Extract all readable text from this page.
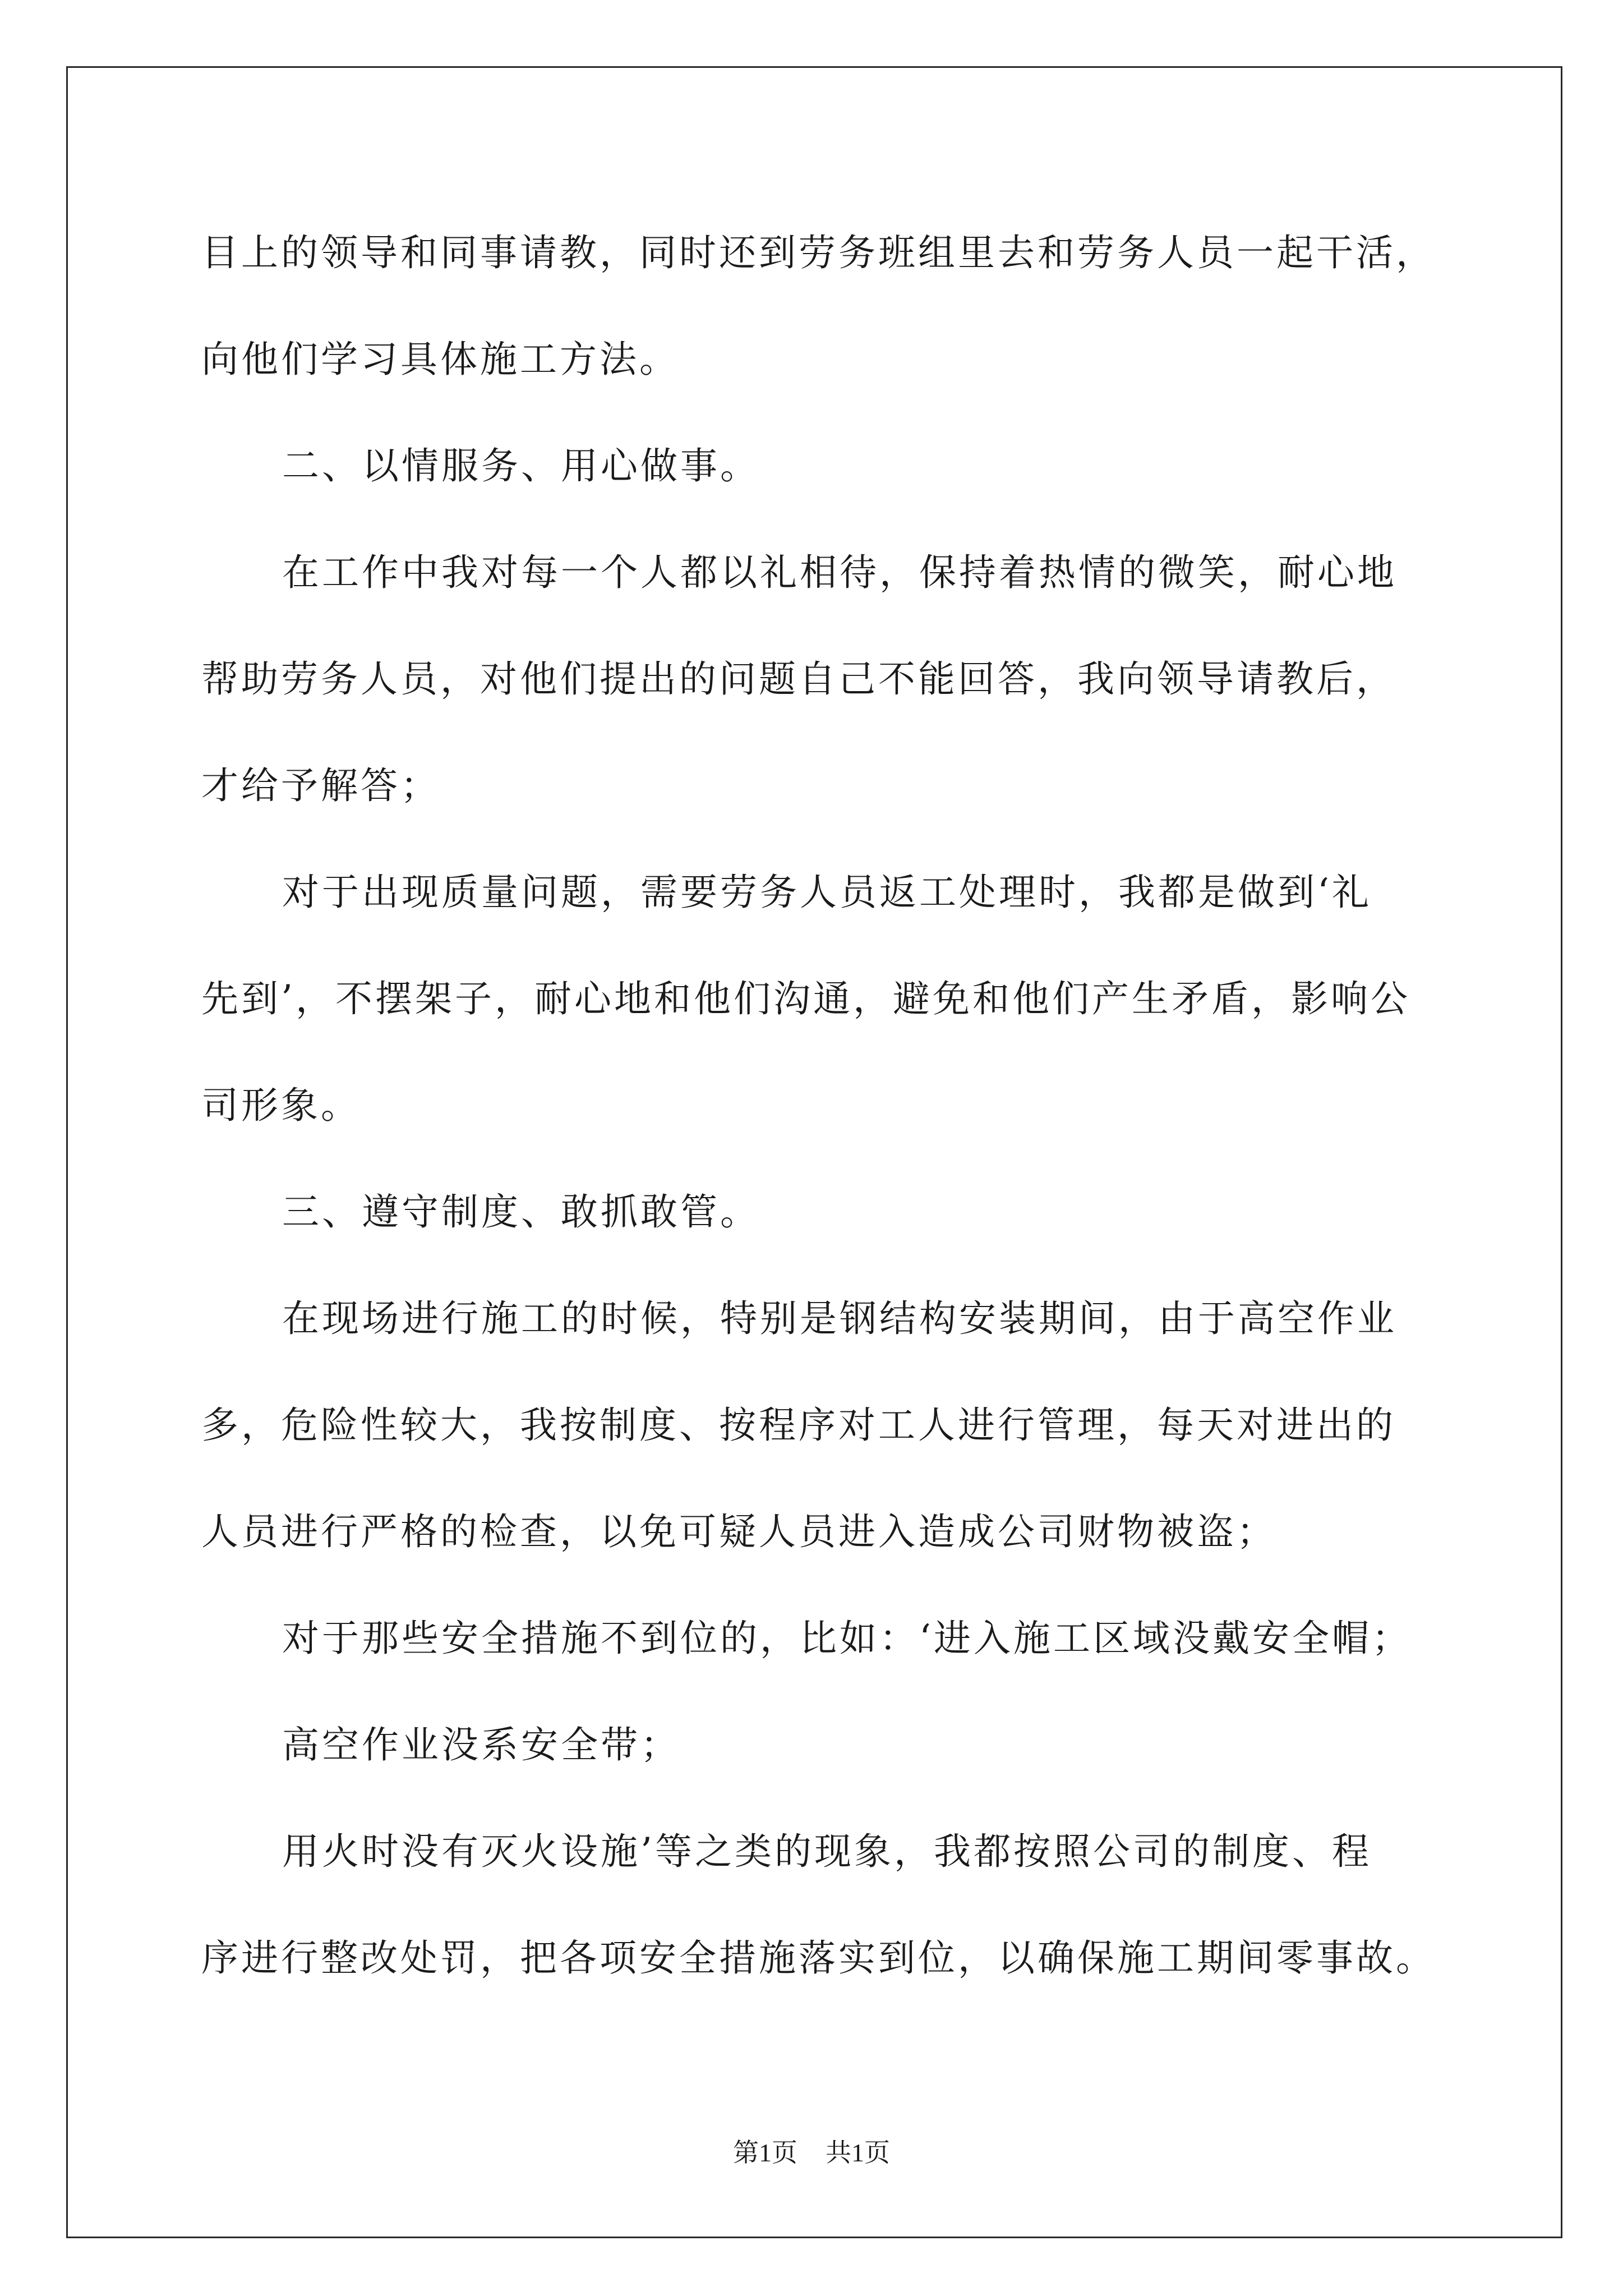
目上的领导和同事请教，同时还到劳务班组里去和劳务人员一起干活，
向他们学习具体施工方法。
二、以情服务、用心做事。
在工作中我对每一个人都以礼相待，保持着热情的微笑，耐心地
帮助劳务人员，对他们提出的问题自己不能回答，我向领导请教后，
才给予解答；
对于出现质量问题，需要劳务人员返工处理时，我都是做到‘礼
先到’，不摆架子，耐心地和他们沟通，避免和他们产生矛盾，影响公
司形象。
三、遵守制度、敢抓敢管。
在现场进行施工的时候，特别是钢结构安装期间，由于高空作业
多，危险性较大，我按制度、按程序对工人进行管理，每天对进出的
人员进行严格的检查，以免可疑人员进入造成公司财物被盗；
对于那些安全措施不到位的，比如：‘进入施工区域没戴安全帽；
高空作业没系安全带；
用火时没有灭火设施’等之类的现象，我都按照公司的制度、程
序进行整改处罚，把各项安全措施落实到位，以确保施工期间零事故。
第1页 共1页
